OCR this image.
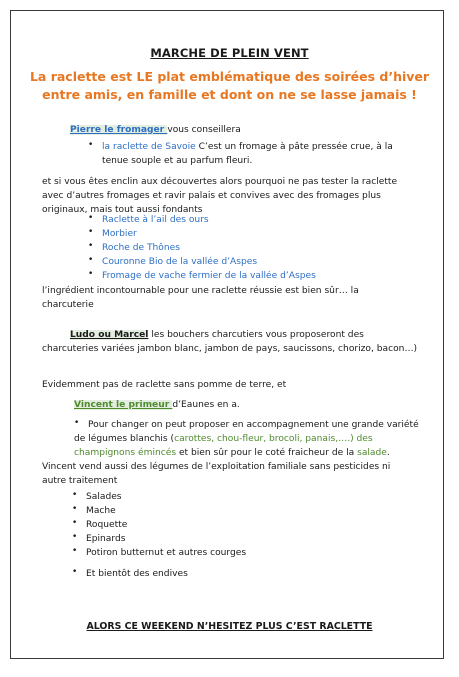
MARCHE DE PLEIN VENT
La raclette est LE plat emblématique des soirées d’hiver entre amis, en famille et dont on ne se lasse jamais !
Pierre le fromager vous conseillera
• la raclette de Savoie C’est un fromage à pâte pressée crue, à la
tenue souple et au parfum fleuri.
et si vous êtes enclin aux découvertes alors pourquoi ne pas tester la raclette
avec d’autres fromages et ravir palais et convives avec des fromages plus
originaux, mais tout aussi fondants
• Raclette à l’ail des ours
• Morbier
• Roche de Thônes
• Couronne Bio de la vallée d’Aspes
• Fromage de vache fermier de la vallée d’Aspes
l’ingrédient incontournable pour une raclette réussie est bien sûr… la
charcuterie
Ludo ou Marcel les bouchers charcutiers vous proposeront des
charcuteries variées jambon blanc, jambon de pays, saucissons, chorizo, bacon…)
Evidemment pas de raclette sans pomme de terre, et
Vincent le primeur d’Eaunes en a.
• Pour changer on peut proposer en accompagnement une grande variété
de légumes blanchis (carottes, chou-fleur, brocoli, panais,….) des
champignons émincés et bien sûr pour le coté fraicheur de la salade.
Vincent vend aussi des légumes de l’exploitation familiale sans pesticides ni
autre traitement
• Salades
• Mache
• Roquette
• Epinards
• Potiron butternut et autres courges
• Et bientôt des endives
ALORS CE WEEKEND N’HESITEZ PLUS C’EST RACLETTE
